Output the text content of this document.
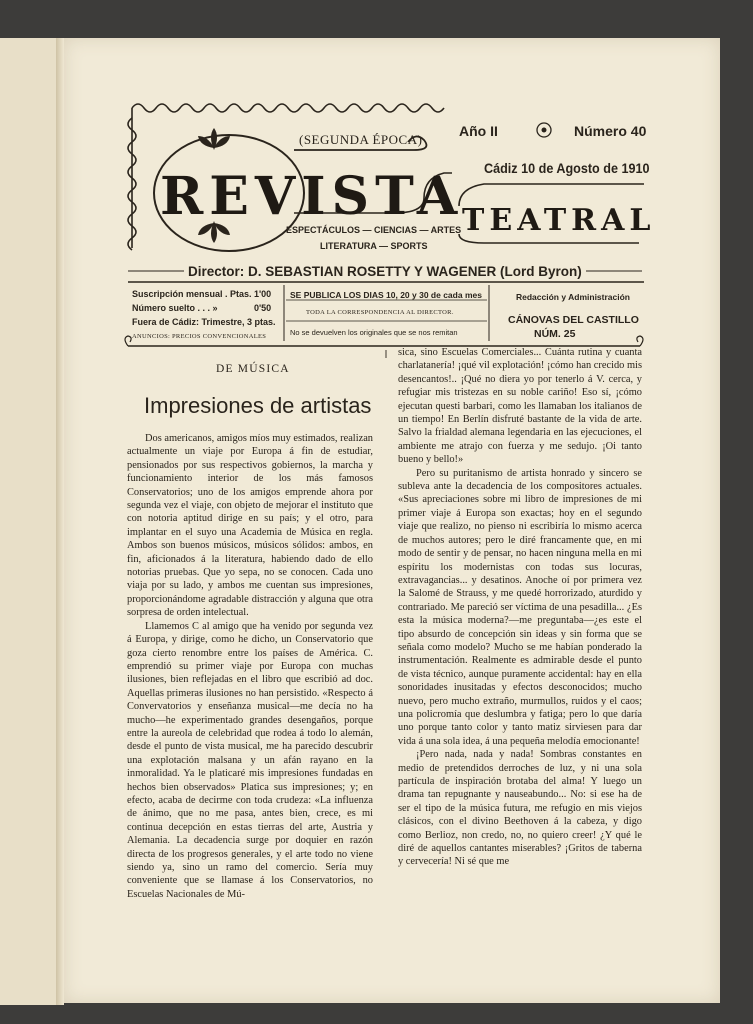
(SEGUNDA ÉPOCA)
Año II	Número 40
Cádiz 10 de Agosto de 1910
REVISTA
TEATRAL
ESPECTÁCULOS — CIENCIAS — ARTES
LITERATURA — SPORTS
Director: D. SEBASTIAN ROSETTY Y WAGENER (Lord Byron)
Suscripción mensual . Ptas. 1'00
Número suelto . . . »	0'50
Fuera de Cádiz: Trimestre, 3 ptas.
ANUNCIOS: PRECIOS CONVENCIONALES
SE PUBLICA LOS DIAS 10, 20 y 30 de cada mes
TODA LA CORRESPONDENCIA AL DIRECTOR.
No se devuelven los originales que se nos remitan
Redacción y Administración
CÁNOVAS DEL CASTILLO
NÚM. 25
DE MÚSICA
Impresiones de artistas

Dos americanos, amigos míos muy estimados, realizan actualmente un viaje por Europa á fin de estudiar, pensionados por sus respectivos gobiernos, la marcha y funcionamiento interior de los más famosos Conservatorios; uno de los amigos emprende ahora por segunda vez el viaje, con objeto de mejorar el instituto que con notoria aptitud dirige en su país; y el otro, para implantar en el suyo una Academia de Música en regla. Ambos son buenos músicos, músicos sólidos: ambos, en fin, aficionados á la literatura, habiendo dado de ello notorias pruebas. Que yo sepa, no se conocen. Cada uno viaja por su lado, y ambos me cuentan sus impresiones, proporcionándome agradable distracción y alguna que otra sorpresa de orden intelectual.

Llamemos C al amigo que ha venido por segunda vez á Europa, y dirige, como he dicho, un Conservatorio que goza cierto renombre entre los países de América. C. emprendió su primer viaje por Europa con muchas ilusiones, bien reflejadas en el libro que escribió ad doc. Aquellas primeras ilusiones no han persistido. «Respecto á Convervatorios y enseñanza musical—me decía no ha mucho—he experimentado grandes desengaños, porque entre la aureola de celebridad que rodea á todo lo alemán, desde el punto de vista musical, me ha parecido descubrir una explotación malsana y un afán rayano en la inmoralidad. Ya le platicaré mis impresiones fundadas en hechos bien observados» Platica sus impresiones; y; en efecto, acaba de decirme con toda crudeza: «La influenza de ánimo, que no me pasa, antes bien, crece, es mi continua decepción en estas tierras del arte, Austria y Alemania. La decadencia surge por doquier en razón directa de los progresos generales, y el arte todo no viene siendo ya, sino un ramo del comercio. Sería muy conveniente que se llamase á los Conservatorios, no Escuelas Nacionales de Mú-

sica, sino Escuelas Comerciales... Cuánta rutina y cuanta charlatanería! ¡qué vil explotación! ¡cómo han crecido mis desencantos!.. ¡Qué no diera yo por tenerlo á V. cerca, y refugiar mis tristezas en su noble cariño! Eso sí, ¡cómo ejecutan questi barbari, como les llamaban los italianos de un tiempo! En Berlín disfruté bastante de la vida de arte. Salvo la frialdad alemana legendaria en las ejecuciones, el ambiente me atrajo con fuerza y me sedujo. ¡Oi tanto bueno y bello!»

Pero su puritanismo de artista honrado y sincero se subleva ante la decadencia de los compositores actuales. «Sus apreciaciones sobre mi libro de impresiones de mi primer viaje á Europa son exactas; hoy en el segundo viaje que realizo, no pienso ni escribiría lo mismo acerca de muchos autores; pero le diré francamente que, en mi modo de sentir y de pensar, no hacen ninguna mella en mi espíritu los modernistas con todas sus locuras, extravagancias... y desatinos. Anoche oí por primera vez la Salomé de Strauss, y me quedé horrorizado, aturdido y contrariado. Me pareció ser víctima de una pesadilla... ¿Es esta la música moderna?—me preguntaba—¿es este el tipo absurdo de concepción sin ideas y sin forma que se señala como modelo? Mucho se me habían ponderado la instrumentación. Realmente es admirable desde el punto de vista técnico, aunque puramente accidental: hay en ella sonoridades inusitadas y efectos desconocidos; mucho nuevo, pero mucho extraño, murmullos, ruidos y el caos; una policromía que deslumbra y fatiga; pero lo que daría uno porque tanto color y tanto matiz sirviesen para dar vida á una sola idea, á una pequeña melodía emocionante!

¡Pero nada, nada y nada! Sombras constantes en medio de pretendidos derroches de luz, y ni una sola partícula de inspiración brotaba del alma! Y luego un drama tan repugnante y nauseabundo... No: si ese ha de ser el tipo de la música futura, me refugio en mis viejos clásicos, con el divino Beethoven á la cabeza, y digo como Berlioz, non credo, no, no quiero creer! ¿Y qué le diré de aquellos cantantes miserables? ¡Gritos de taberna y cervecería! Ni sé que me
